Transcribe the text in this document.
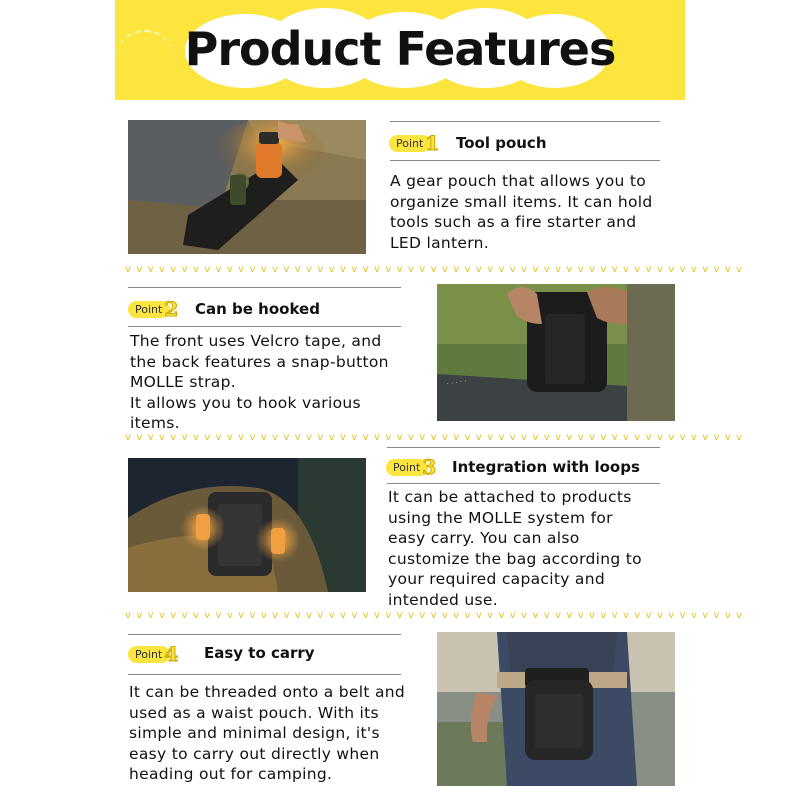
Product Features
Point 1 Tool pouch
A gear pouch that allows you to
organize small items. It can hold
tools such as a fire starter and
LED lantern.
vvvvvvvvvvvvvvvvvvvvvvvvvvvvvvvvvvvvvvvvvvvvvvvvvvvvvvv
Point 2 Can be hooked
The front uses Velcro tape, and
the back features a snap-button
MOLLE strap.
It allows you to hook various
items.
· · · · ·
vvvvvvvvvvvvvvvvvvvvvvvvvvvvvvvvvvvvvvvvvvvvvvvvvvvvvvv
Point 3 Integration with loops
It can be attached to products
using the MOLLE system for
easy carry. You can also
customize the bag according to
your required capacity and
intended use.
vvvvvvvvvvvvvvvvvvvvvvvvvvvvvvvvvvvvvvvvvvvvvvvvvvvvvvv
Point 4 Easy to carry
It can be threaded onto a belt and
used as a waist pouch. With its
simple and minimal design, it's
easy to carry out directly when
heading out for camping.
